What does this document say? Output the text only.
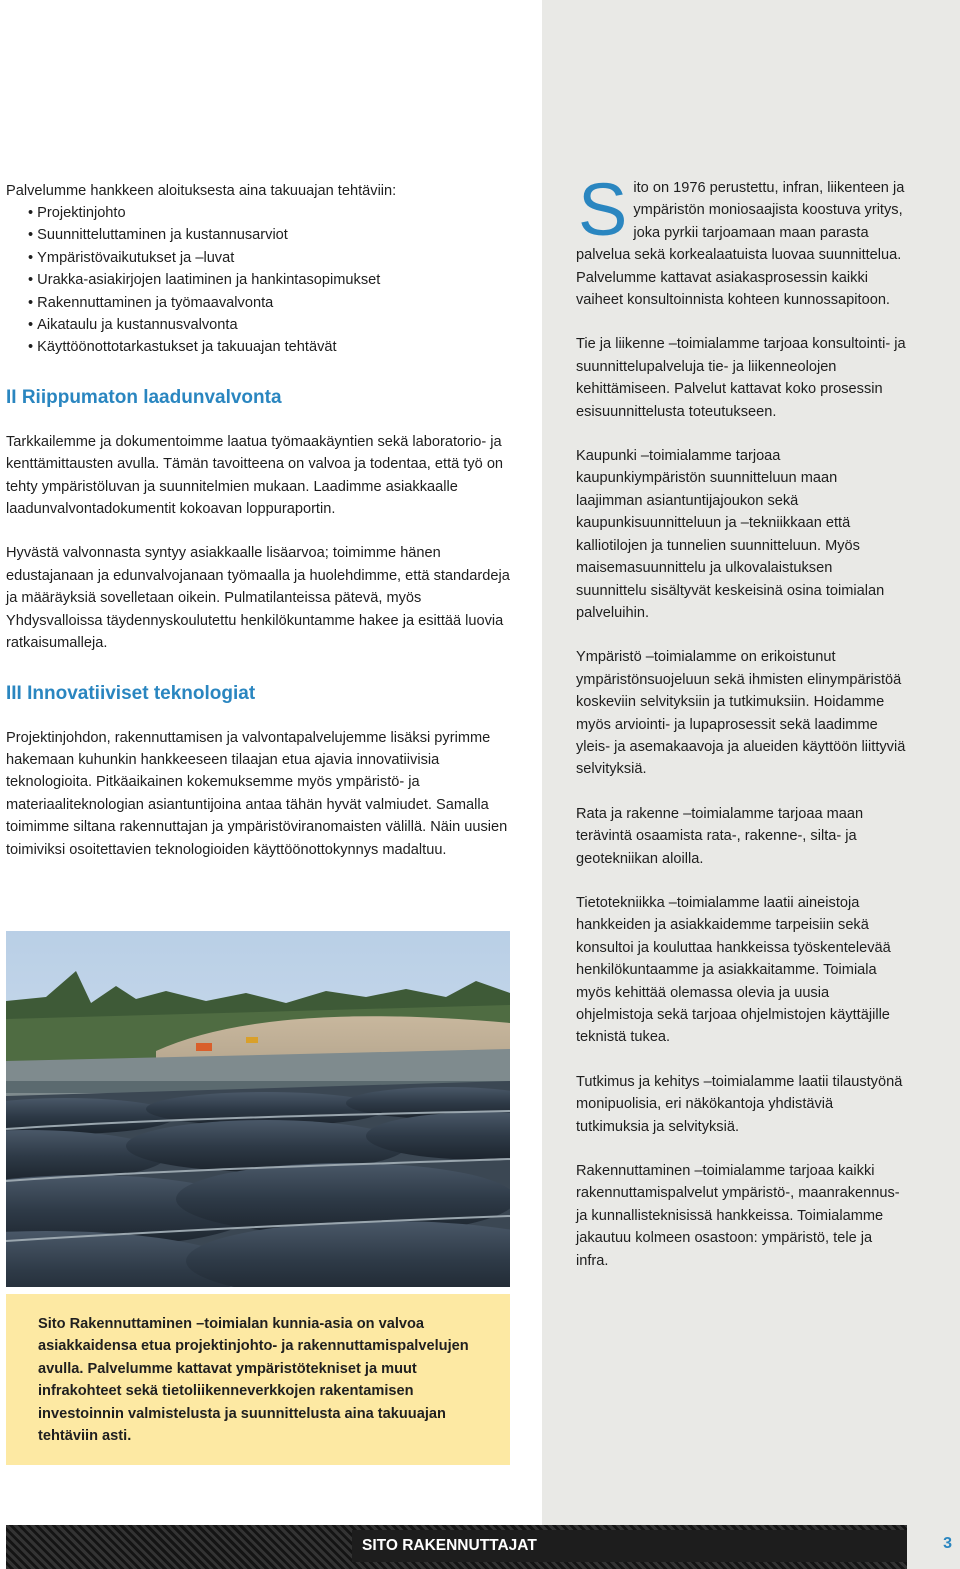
Palvelumme hankkeen aloituksesta aina takuuajan tehtäviin:

• Projektinjohto
• Suunnitteluttaminen ja kustannusarviot
• Ympäristövaikutukset ja –luvat
• Urakka-asiakirjojen laatiminen ja hankintasopimukset
• Rakennuttaminen ja työmaavalvonta
• Aikataulu ja kustannusvalvonta
• Käyttöönottotarkastukset ja takuuajan tehtävät
II Riippumaton laadunvalvonta

Tarkkailemme ja dokumentoimme laatua työmaakäyntien sekä laboratorio- ja kenttämittausten avulla. Tämän tavoitteena on valvoa ja todentaa, että työ on tehty ympäristöluvan ja suunnitelmien mukaan. Laadimme asiakkaalle laadunvalvontadokumentit kokoavan loppuraportin.

Hyvästä valvonnasta syntyy asiakkaalle lisäarvoa; toimimme hänen edustajanaan ja edunvalvojanaan työmaalla ja huolehdimme, että standardeja ja määräyksiä sovelletaan oikein. Pulmatilanteissa pätevä, myös Yhdysvalloissa täydennyskoulutettu henkilökuntamme hakee ja esittää luovia ratkaisumalleja.

III Innovatiiviset teknologiat

Projektinjohdon, rakennuttamisen ja valvontapalvelujemme lisäksi pyrimme hakemaan kuhunkin hankkeeseen tilaajan etua ajavia innovatiivisia teknologioita. Pitkäaikainen kokemuksemme myös ympäristö- ja materiaaliteknologian asiantuntijoina antaa tähän hyvät valmiudet. Samalla toimimme siltana rakennuttajan ja ympäristöviranomaisten välillä. Näin uusien toimiviksi osoitettavien teknologioiden käyttöönottokynnys madaltuu.

Sito Rakennuttaminen –toimialan kunnia-asia on valvoa asiakkaidensa etua projektinjohto- ja rakennuttamispalvelujen avulla. Palvelumme kattavat ympäristötekniset ja muut infrakohteet sekä tietoliikenneverkkojen rakentamisen investoinnin valmistelusta ja suunnittelusta aina takuuajan tehtäviin asti.

Sito on 1976 perustettu, infran, liikenteen ja ympäristön moniosaajista koostuva yritys, joka pyrkii tarjoamaan maan parasta palvelua sekä korkealaatuista luovaa suunnittelua. Palvelumme kattavat asiakasprosessin kaikki vaiheet konsultoinnista kohteen kunnossapitoon.

Tie ja liikenne –toimialamme tarjoaa konsultointi- ja suunnittelupalveluja tie- ja liikenneolojen kehittämiseen. Palvelut kattavat koko prosessin esisuunnittelusta toteutukseen.

Kaupunki –toimialamme tarjoaa kaupunkiympäristön suunnitteluun maan laajimman asiantuntijajoukon sekä kaupunkisuunnitteluun ja –tekniikkaan että kalliotilojen ja tunnelien suunnitteluun. Myös maisemasuunnittelu ja ulkovalaistuksen suunnittelu sisältyvät keskeisinä osina toimialan palveluihin.

Ympäristö –toimialamme on erikoistunut ympäristönsuojeluun sekä ihmisten elinympäristöä koskeviin selvityksiin ja tutkimuksiin. Hoidamme myös arviointi- ja lupaprosessit sekä laadimme yleis- ja asemakaavoja ja alueiden käyttöön liittyviä selvityksiä.

Rata ja rakenne –toimialamme tarjoaa maan terävintä osaamista rata-, rakenne-, silta- ja geotekniikan aloilla.

Tietotekniikka –toimialamme laatii aineistoja hankkeiden ja asiakkaidemme tarpeisiin sekä konsultoi ja kouluttaa hankkeissa työskentelevää henkilökuntaamme ja asiakkaitamme. Toimiala myös kehittää olemassa olevia ja uusia ohjelmistoja sekä tarjoaa ohjelmistojen käyttäjille teknistä tukea.

Tutkimus ja kehitys –toimialamme laatii tilaustyönä monipuolisia, eri näkökantoja yhdistäviä tutkimuksia ja selvityksiä.

Rakennuttaminen –toimialamme tarjoaa kaikki rakennuttamispalvelut ympäristö-, maanrakennus- ja kunnallisteknisissä hankkeissa. Toimialamme jakautuu kolmeen osastoon: ympäristö, tele ja infra.

SITO RAKENNUTTAJAT	3
